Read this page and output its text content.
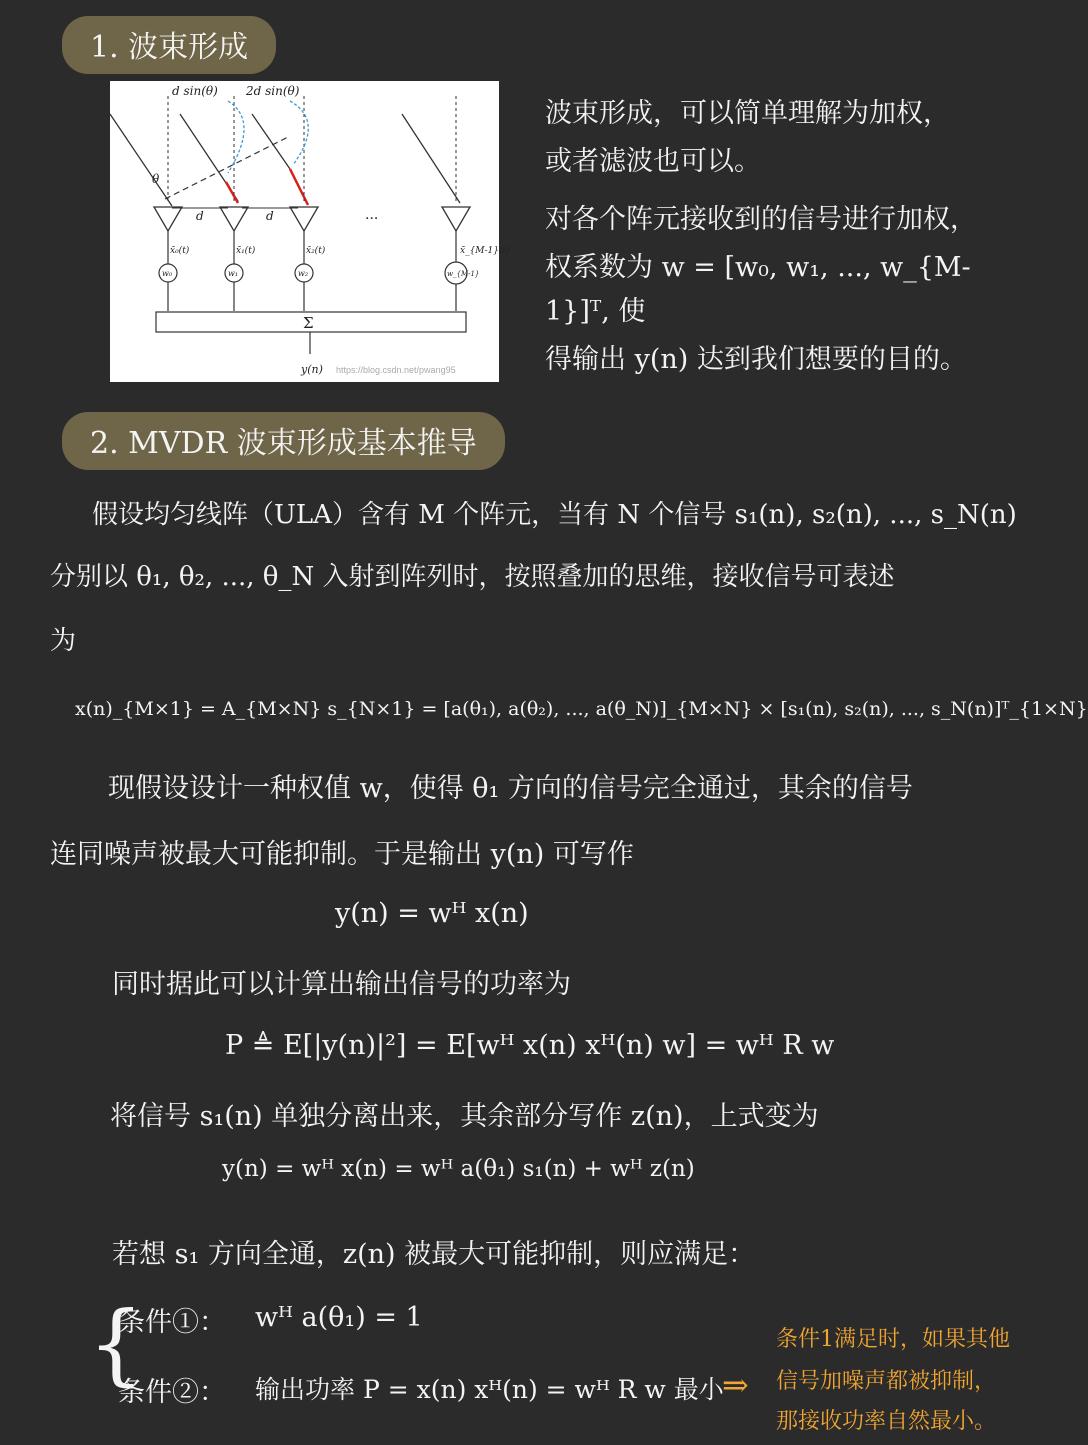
1. 波束形成
d sin(θ) 2d sin(θ)
θ
d	d
x̃₀(t)	x̃₁(t)	x̃₂(t)	x̃_{M-1}(t)
w₀	w₁	w₂	w_{M-1}
y(n)
···
Σ
https://blog.csdn.net/pwang95
波束形成，可以简单理解为加权，
或者滤波也可以。
对各个阵元接收到的信号进行加权，
权系数为 w = [w₀, w₁, ..., w_{M-1}]ᵀ, 使
得输出 y(n) 达到我们想要的目的。
2. MVDR 波束形成基本推导
假设均匀线阵（ULA）含有 M 个阵元，当有 N 个信号 s₁(n), s₂(n), ..., s_N(n)
分别以 θ₁, θ₂, ..., θ_N 入射到阵列时，按照叠加的思维，接收信号可表述
为
x(n)_{M×1} = A_{M×N} s_{N×1} = [a(θ₁), a(θ₂), ..., a(θ_N)]_{M×N} × [s₁(n), s₂(n), ..., s_N(n)]ᵀ_{1×N}
现假设设计一种权值 w，使得 θ₁ 方向的信号完全通过，其余的信号
连同噪声被最大可能抑制。于是输出 y(n) 可写作
y(n) = wᴴ x(n)
同时据此可以计算出输出信号的功率为
P ≜ E[|y(n)|²] = E[wᴴ x(n) xᴴ(n) w] = wᴴ R w
将信号 s₁(n) 单独分离出来，其余部分写作 z(n)，上式变为
y(n) = wᴴ x(n) = wᴴ a(θ₁) s₁(n) + wᴴ z(n)
若想 s₁ 方向全通，z(n) 被最大可能抑制，则应满足：
{
条件①： wᴴ a(θ₁) = 1
条件②： 输出功率 P = x(n) xᴴ(n) = wᴴ R w 最小
⇒
条件1满足时，如果其他
信号加噪声都被抑制，
那接收功率自然最小。
